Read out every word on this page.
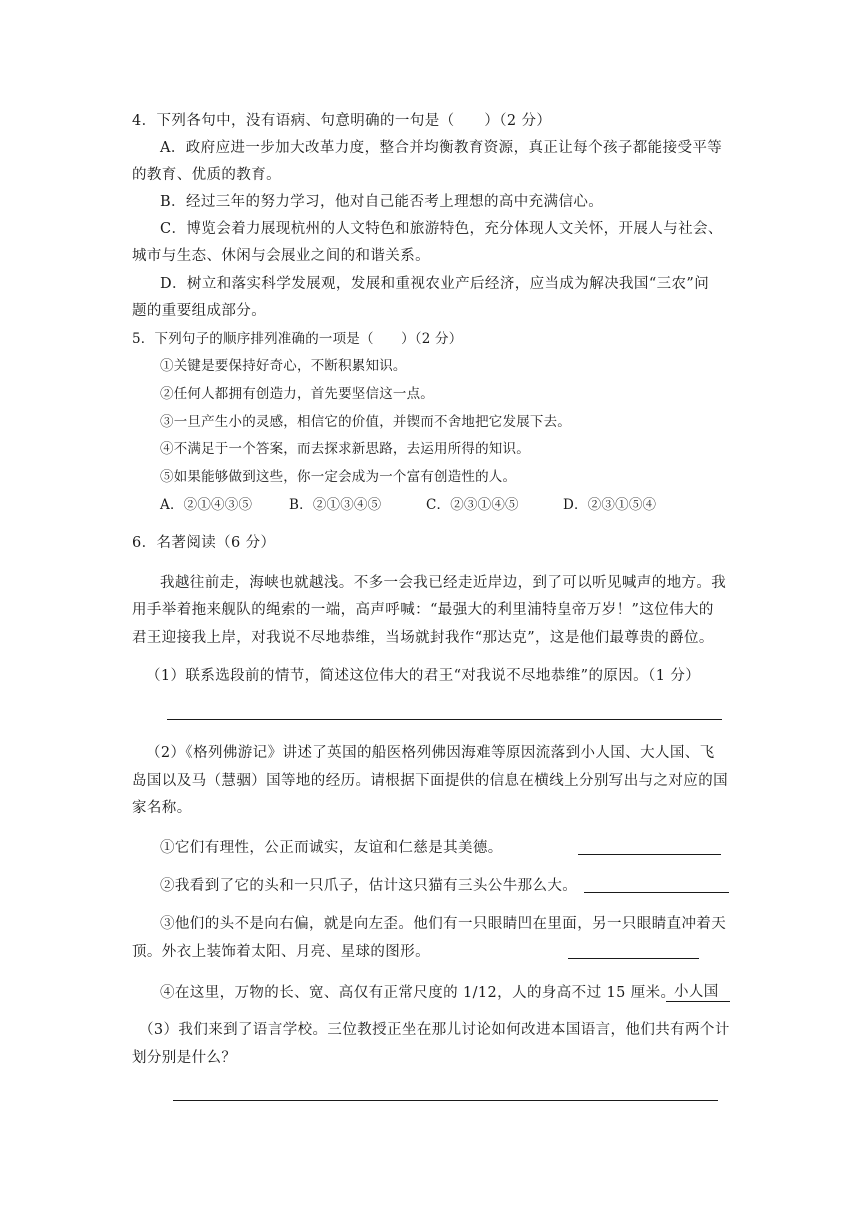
4．下列各句中，没有语病、句意明确的一句是（　　）（2 分）
A．政府应进一步加大改革力度，整合并均衡教育资源，真正让每个孩子都能接受平等
的教育、优质的教育。
B．经过三年的努力学习，他对自己能否考上理想的高中充满信心。
C．博览会着力展现杭州的人文特色和旅游特色，充分体现人文关怀，开展人与社会、
城市与生态、休闲与会展业之间的和谐关系。
D．树立和落实科学发展观，发展和重视农业产后经济，应当成为解决我国“三农”问
题的重要组成部分。
5．下列句子的顺序排列准确的一项是（　　）（2 分）
①关键是要保持好奇心，不断积累知识。
②任何人都拥有创造力，首先要坚信这一点。
③一旦产生小的灵感，相信它的价值，并锲而不舍地把它发展下去。
④不满足于一个答案，而去探求新思路，去运用所得的知识。
⑤如果能够做到这些，你一定会成为一个富有创造性的人。
A．②①④③⑤	B．②①③④⑤	C．②③①④⑤	D．②③①⑤④
6．名著阅读（6 分）
我越往前走，海峡也就越浅。不多一会我已经走近岸边，到了可以听见喊声的地方。我
用手举着拖来舰队的绳索的一端，高声呼喊：“最强大的利里浦特皇帝万岁！”这位伟大的
君王迎接我上岸，对我说不尽地恭维，当场就封我作“那达克”，这是他们最尊贵的爵位。
（1）联系选段前的情节，简述这位伟大的君王“对我说不尽地恭维”的原因。（1 分）
（2）《格列佛游记》讲述了英国的船医格列佛因海难等原因流落到小人国、大人国、飞
岛国以及马（慧骃）国等地的经历。请根据下面提供的信息在横线上分别写出与之对应的国
家名称。
①它们有理性，公正而诚实，友谊和仁慈是其美德。
②我看到了它的头和一只爪子，估计这只猫有三头公牛那么大。
③他们的头不是向右偏，就是向左歪。他们有一只眼睛凹在里面，另一只眼睛直冲着天
顶。外衣上装饰着太阳、月亮、星球的图形。
④在这里，万物的长、宽、高仅有正常尺度的 1/12，人的身高不过 15 厘米。
小人国
（3）我们来到了语言学校。三位教授正坐在那儿讨论如何改进本国语言，他们共有两个计
划分别是什么？
